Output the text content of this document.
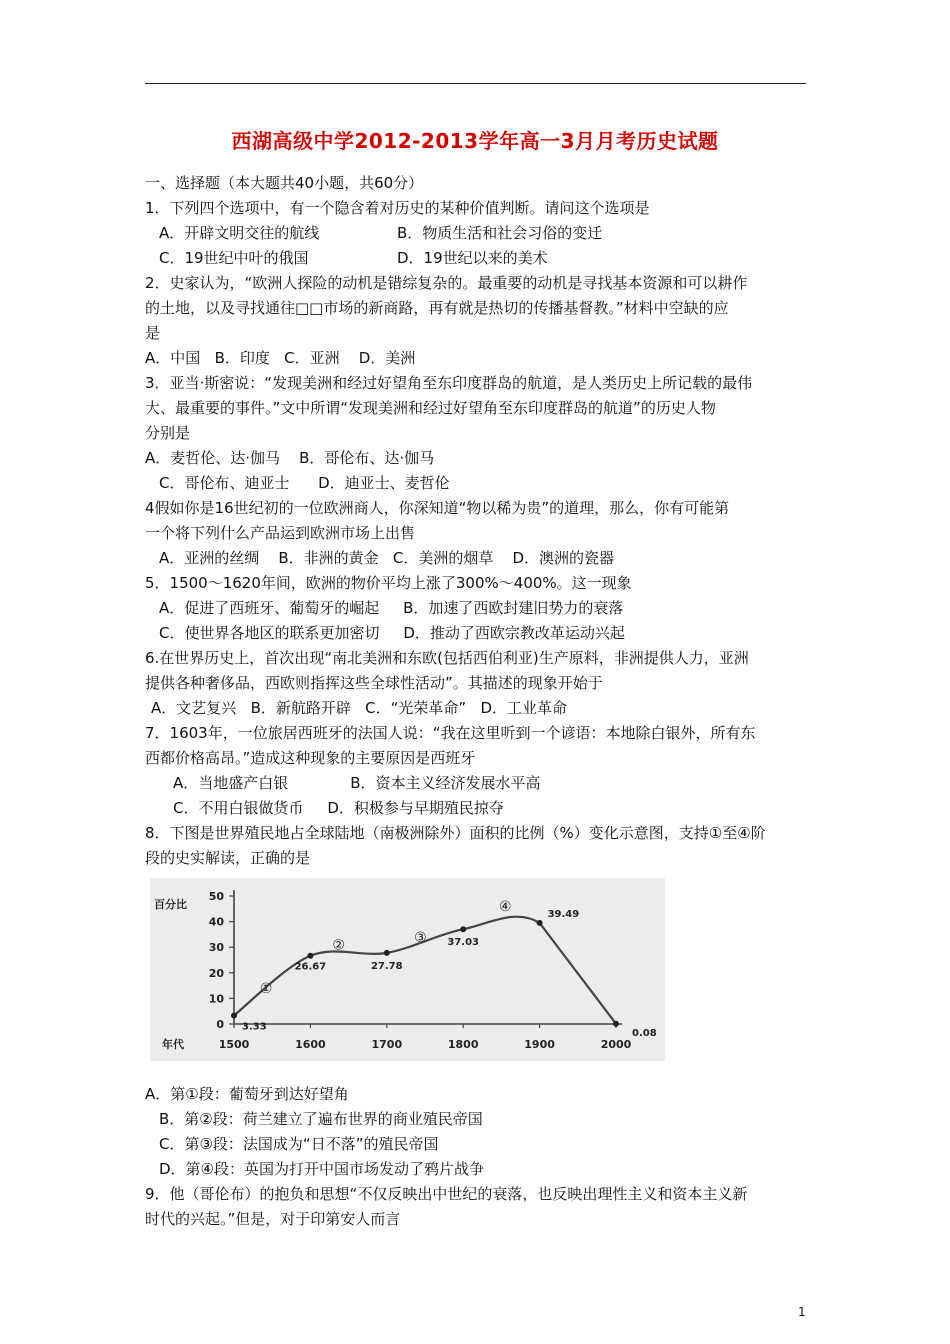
西湖高级中学2012-2013学年高一3月月考历史试题
一、选择题（本大题共40小题，共60分）
1．下列四个选项中，有一个隐含着对历史的某种价值判断。请问这个选项是
A．开辟文明交往的航线	B．物质生活和社会习俗的变迁
C．19世纪中叶的俄国	D．19世纪以来的美术
2．史家认为，“欧洲人探险的动机是错综复杂的。最重要的动机是寻找基本资源和可以耕作
的土地，以及寻找通往□□市场的新商路，再有就是热切的传播基督教。”材料中空缺的应
是
A．中国   B．印度   C．亚洲    D．美洲
3．亚当·斯密说：“发现美洲和经过好望角至东印度群岛的航道，是人类历史上所记载的最伟
大、最重要的事件。”文中所谓“发现美洲和经过好望角至东印度群岛的航道”的历史人物
分别是
A．麦哲伦、达·伽马    B．哥伦布、达·伽马
C．哥伦布、迪亚士      D．迪亚士、麦哲伦
4假如你是16世纪初的一位欧洲商人，你深知道“物以稀为贵”的道理，那么，你有可能第
一个将下列什么产品运到欧洲市场上出售
A．亚洲的丝绸    B．非洲的黄金   C．美洲的烟草    D．澳洲的瓷器
5．1500～1620年间，欧洲的物价平均上涨了300%～400%。这一现象
A．促进了西班牙、葡萄牙的崛起     B．加速了西欧封建旧势力的衰落
C．使世界各地区的联系更加密切     D．推动了西欧宗教改革运动兴起
6.在世界历史上，首次出现“南北美洲和东欧(包括西伯利亚)生产原料，非洲提供人力，亚洲
提供各种奢侈品，西欧则指挥这些全球性活动”。其描述的现象开始于
A．文艺复兴   B．新航路开辟   C．“光荣革命”   D．工业革命
7．1603年，一位旅居西班牙的法国人说：“我在这里听到一个谚语：本地除白银外，所有东
西都价格高昂。”造成这种现象的主要原因是西班牙
A．当地盛产白银             B．资本主义经济发展水平高
C．不用白银做货币     D．积极参与早期殖民掠夺
8．下图是世界殖民地占全球陆地（南极洲除外）面积的比例（%）变化示意图，支持①至④阶
段的史实解读，正确的是
0
10
20
30
40
50
1500	1600	1700	1800	1900	2000
百分比
年代
3.33
26.67	27.78
37.03
39.49
0.08
①
②	③
④
A．第①段：葡萄牙到达好望角
B．第②段：荷兰建立了遍布世界的商业殖民帝国
C．第③段：法国成为“日不落”的殖民帝国
D．第④段：英国为打开中国市场发动了鸦片战争
9．他（哥伦布）的抱负和思想“不仅反映出中世纪的衰落，也反映出理性主义和资本主义新
时代的兴起。”但是，对于印第安人而言
1
